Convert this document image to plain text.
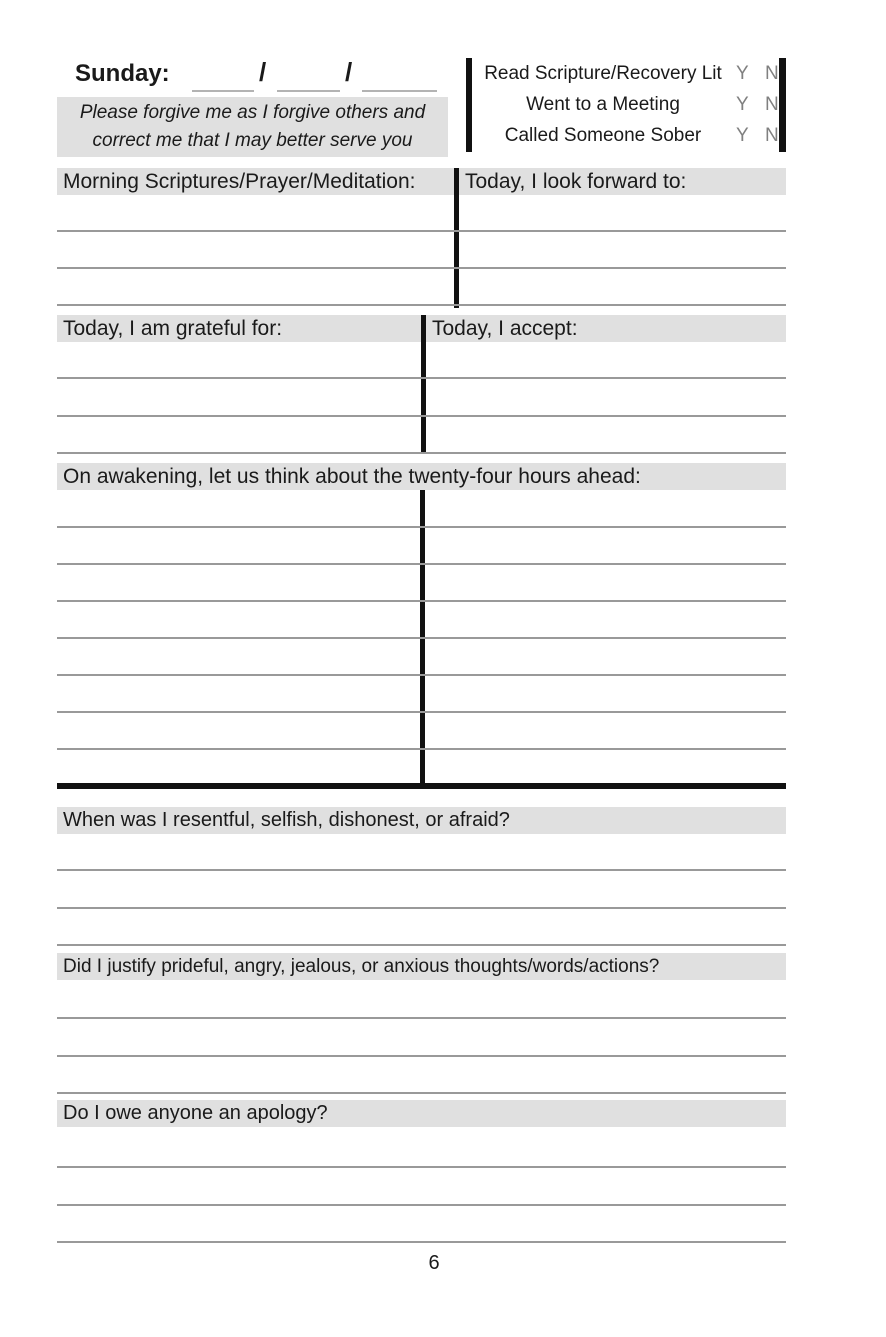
Sunday:	/	/
Please forgive me as I forgive others and
correct me that I may better serve you
Read Scripture/Recovery Lit Y N
Went to a Meeting	Y N
Called Someone Sober	Y N
Morning Scriptures/Prayer/Meditation:	Today, I look forward to:
Today, I am grateful for:	Today, I accept:
On awakening, let us think about the twenty-four hours ahead:
When was I resentful, selfish, dishonest, or afraid?
Did I justify prideful, angry, jealous, or anxious thoughts/words/actions?
Do I owe anyone an apology?
6
